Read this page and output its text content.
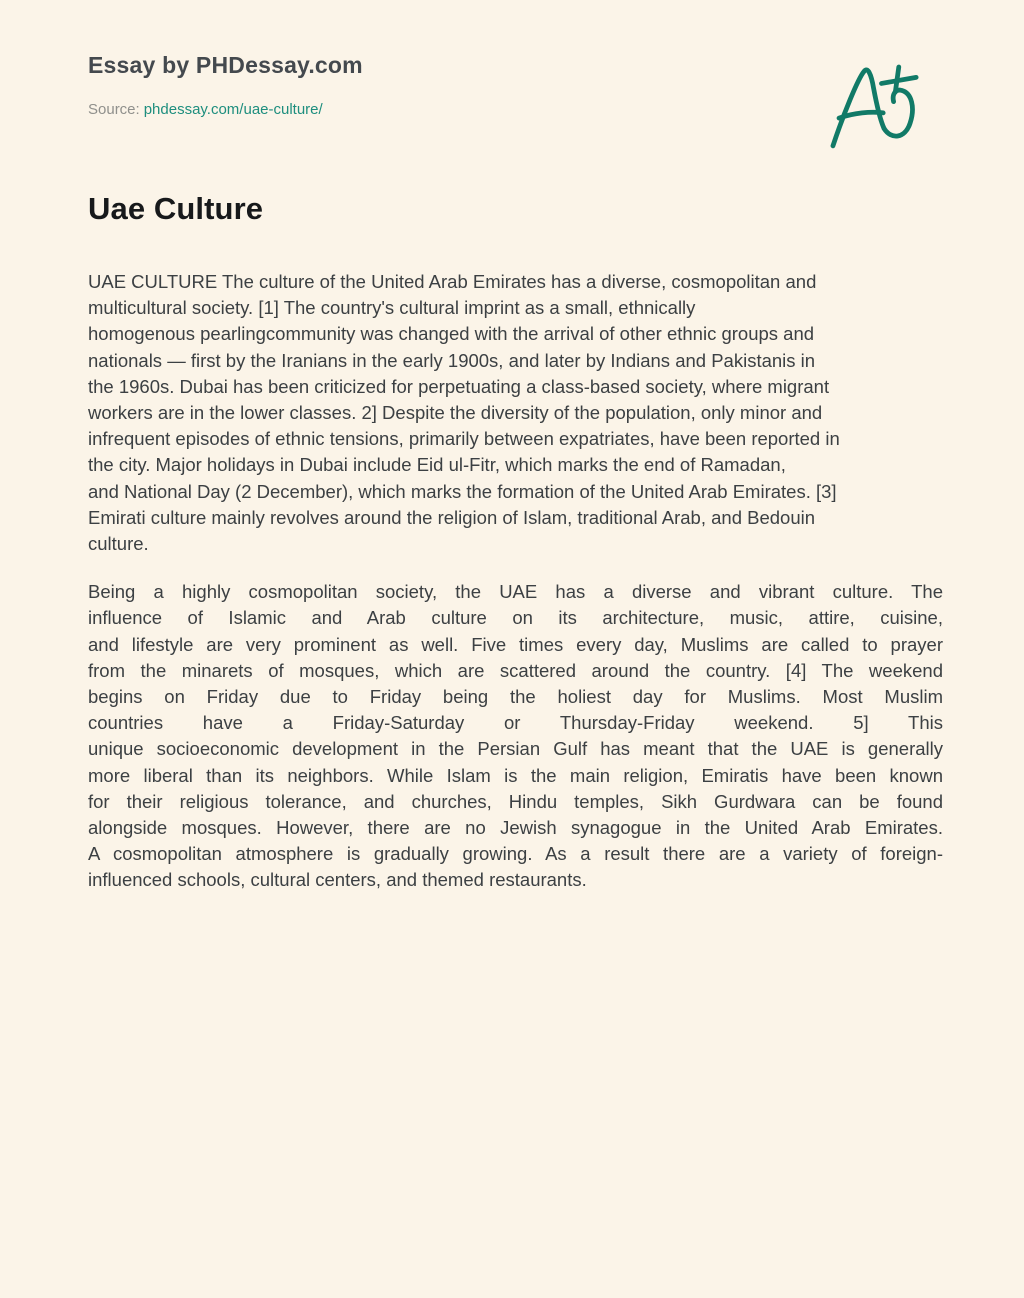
Essay by PHDessay.com
Source: phdessay.com/uae-culture/
Uae Culture
UAE CULTURE The culture of the United Arab Emirates has a diverse, cosmopolitan and
multicultural society. [1] The country's cultural imprint as a small, ethnically
homogenous pearlingcommunity was changed with the arrival of other ethnic groups and
nationals — first by the Iranians in the early 1900s, and later by Indians and Pakistanis in
the 1960s. Dubai has been criticized for perpetuating a class-based society, where migrant
workers are in the lower classes. 2] Despite the diversity of the population, only minor and
infrequent episodes of ethnic tensions, primarily between expatriates, have been reported in
the city. Major holidays in Dubai include Eid ul-Fitr, which marks the end of Ramadan,
and National Day (2 December), which marks the formation of the United Arab Emirates. [3]
Emirati culture mainly revolves around the religion of Islam, traditional Arab, and Bedouin
culture.
Being a highly cosmopolitan society, the UAE has a diverse and vibrant culture. The
influence of Islamic and Arab culture on its architecture, music, attire, cuisine,
and lifestyle are very prominent as well. Five times every day, Muslims are called to prayer
from the minarets of mosques, which are scattered around the country. [4] The weekend
begins on Friday due to Friday being the holiest day for Muslims. Most Muslim
countries have a Friday-Saturday or Thursday-Friday weekend. 5] This
unique socioeconomic development in the Persian Gulf has meant that the UAE is generally
more liberal than its neighbors. While Islam is the main religion, Emiratis have been known
for their religious tolerance, and churches, Hindu temples, Sikh Gurdwara can be found
alongside mosques. However, there are no Jewish synagogue in the United Arab Emirates.
A cosmopolitan atmosphere is gradually growing. As a result there are a variety of foreign-
influenced schools, cultural centers, and themed restaurants.
